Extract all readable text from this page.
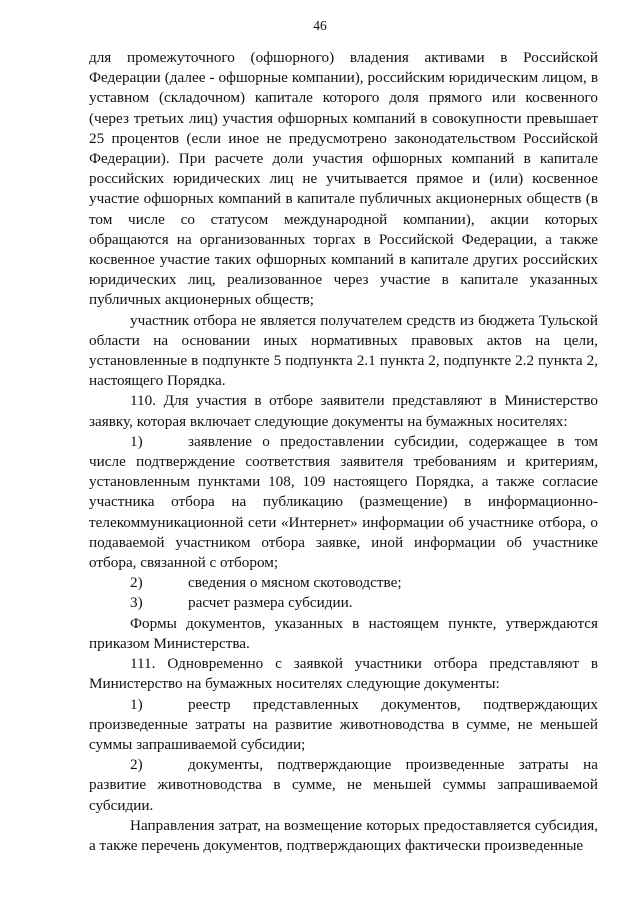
46

для промежуточного (офшорного) владения активами в Российской Федерации (далее - офшорные компании), российским юридическим лицом, в уставном (складочном) капитале которого доля прямого или косвенного (через третьих лиц) участия офшорных компаний в совокупности превышает 25 процентов (если иное не предусмотрено законодательством Российской Федерации). При расчете доли участия офшорных компаний в капитале российских юридических лиц не учитывается прямое и (или) косвенное участие офшорных компаний в капитале публичных акционерных обществ (в том числе со статусом международной компании), акции которых обращаются на организованных торгах в Российской Федерации, а также косвенное участие таких офшорных компаний в капитале других российских юридических лиц, реализованное через участие в капитале указанных публичных акционерных обществ;

участник отбора не является получателем средств из бюджета Тульской области на основании иных нормативных правовых актов на цели, установленные в подпункте 5 подпункта 2.1 пункта 2, подпункте 2.2 пункта 2, настоящего Порядка.

110. Для участия в отборе заявители представляют в Министерство заявку, которая включает следующие документы на бумажных носителях:

1)	заявление о предоставлении субсидии, содержащее в том числе подтверждение соответствия заявителя требованиям и критериям, установленным пунктами 108, 109 настоящего Порядка, а также согласие участника отбора на публикацию (размещение) в информационно-телекоммуникационной сети «Интернет» информации об участнике отбора, о подаваемой участником отбора заявке, иной информации об участнике отбора, связанной с отбором;

2)	сведения о мясном скотоводстве;

3)	расчет размера субсидии.

Формы документов, указанных в настоящем пункте, утверждаются приказом Министерства.

111. Одновременно с заявкой участники отбора представляют в Министерство на бумажных носителях следующие документы:

1)	реестр представленных документов, подтверждающих произведенные затраты на развитие животноводства в сумме, не меньшей суммы запрашиваемой субсидии;

2)	документы, подтверждающие произведенные затраты на развитие животноводства в сумме, не меньшей суммы запрашиваемой субсидии.

Направления затрат, на возмещение которых предоставляется субсидия, а также перечень документов, подтверждающих фактически произведенные
